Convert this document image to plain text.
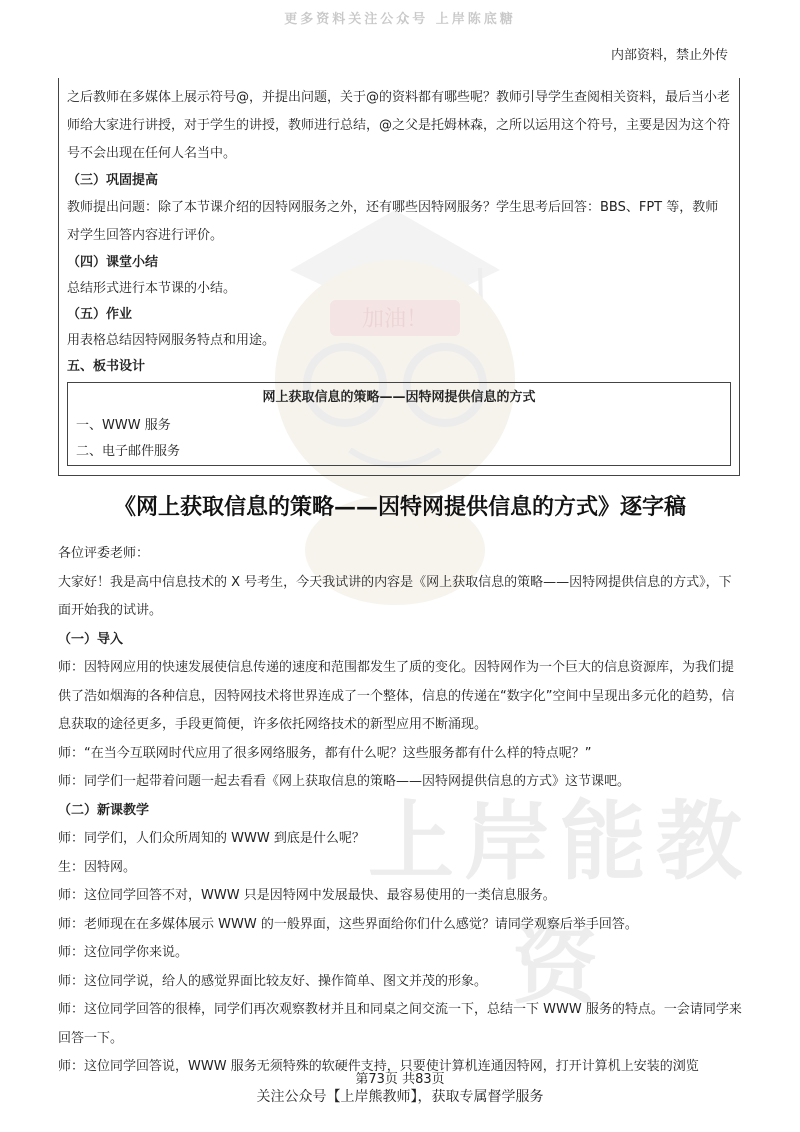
更多资料关注公众号 上岸陈底糖
内部资料，禁止外传
加油！
上岸能教资

之后教师在多媒体上展示符号@，并提出问题，关于@的资料都有哪些呢？教师引导学生查阅相关资料，最后当小老师给大家进行讲授，对于学生的讲授，教师进行总结，@之父是托姆林森，之所以运用这个符号，主要是因为这个符号不会出现在任何人名当中。

（三）巩固提高

教师提出问题：除了本节课介绍的因特网服务之外，还有哪些因特网服务？学生思考后回答：BBS、FPT 等，教师对学生回答内容进行评价。

（四）课堂小结

总结形式进行本节课的小结。

（五）作业

用表格总结因特网服务特点和用途。

五、板书设计

网上获取信息的策略——因特网提供信息的方式
一、WWW 服务
二、电子邮件服务
《网上获取信息的策略——因特网提供信息的方式》逐字稿

各位评委老师：

大家好！我是高中信息技术的 X 号考生，今天我试讲的内容是《网上获取信息的策略——因特网提供信息的方式》，下面开始我的试讲。

（一）导入

师：因特网应用的快速发展使信息传递的速度和范围都发生了质的变化。因特网作为一个巨大的信息资源库，为我们提供了浩如烟海的各种信息，因特网技术将世界连成了一个整体，信息的传递在“数字化”空间中呈现出多元化的趋势，信息获取的途径更多，手段更简便，许多依托网络技术的新型应用不断涌现。

师：“在当今互联网时代应用了很多网络服务，都有什么呢？这些服务都有什么样的特点呢？”

师：同学们一起带着问题一起去看看《网上获取信息的策略——因特网提供信息的方式》这节课吧。

（二）新课教学

师：同学们，人们众所周知的 WWW 到底是什么呢？

生：因特网。

师：这位同学回答不对，WWW 只是因特网中发展最快、最容易使用的一类信息服务。

师：老师现在在多媒体展示 WWW 的一般界面，这些界面给你们什么感觉？请同学观察后举手回答。

师：这位同学你来说。

师：这位同学说，给人的感觉界面比较友好、操作简单、图文并茂的形象。

师：这位同学回答的很棒，同学们再次观察教材并且和同桌之间交流一下，总结一下 WWW 服务的特点。一会请同学来回答一下。

师：这位同学回答说，WWW 服务无须特殊的软硬件支持，只要使计算机连通因特网，打开计算机上安装的浏览

第73页 共83页
关注公众号【上岸熊教师】，获取专属督学服务
